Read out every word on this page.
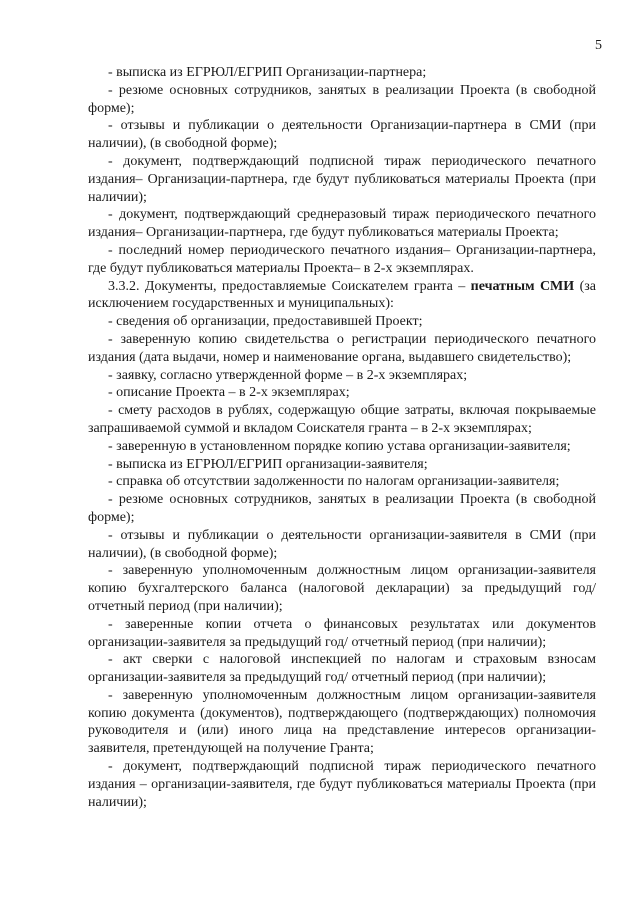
5

- выписка из ЕГРЮЛ/ЕГРИП Организации-партнера;

- резюме основных сотрудников, занятых в реализации Проекта (в свободной форме);

- отзывы и публикации о деятельности Организации-партнера в СМИ (при наличии), (в свободной форме);

- документ, подтверждающий подписной тираж периодического печатного издания– Организации-партнера, где будут публиковаться материалы Проекта (при наличии);

- документ, подтверждающий среднеразовый тираж периодического печатного издания– Организации-партнера, где будут публиковаться материалы Проекта;

- последний номер периодического печатного издания– Организации-партнера, где будут публиковаться материалы Проекта– в 2-х экземплярах.

3.3.2. Документы, предоставляемые Соискателем гранта – печатным СМИ (за исключением государственных и муниципальных):

- сведения об организации, предоставившей Проект;

- заверенную копию свидетельства о регистрации периодического печатного издания (дата выдачи, номер и наименование органа, выдавшего свидетельство);

- заявку, согласно утвержденной форме – в 2-х экземплярах;

- описание Проекта – в 2-х экземплярах;

- смету расходов в рублях, содержащую общие затраты, включая покрываемые запрашиваемой суммой и вкладом Соискателя гранта – в 2-х экземплярах;

- заверенную в установленном порядке копию устава организации-заявителя;

- выписка из ЕГРЮЛ/ЕГРИП организации-заявителя;

- справка об отсутствии задолженности по налогам организации-заявителя;

- резюме основных сотрудников, занятых в реализации Проекта (в свободной форме);

- отзывы и публикации о деятельности организации-заявителя в СМИ (при наличии), (в свободной форме);

- заверенную уполномоченным должностным лицом организации-заявителя копию бухгалтерского баланса (налоговой декларации) за предыдущий год/ отчетный период (при наличии);

- заверенные копии отчета о финансовых результатах или документов организации-заявителя за предыдущий год/ отчетный период (при наличии);

- акт сверки с налоговой инспекцией по налогам и страховым взносам организации-заявителя за предыдущий год/ отчетный период (при наличии);

- заверенную уполномоченным должностным лицом организации-заявителя копию документа (документов), подтверждающего (подтверждающих) полномочия руководителя и (или) иного лица на представление интересов организации-заявителя, претендующей на получение Гранта;

- документ, подтверждающий подписной тираж периодического печатного издания – организации-заявителя, где будут публиковаться материалы Проекта (при наличии);
